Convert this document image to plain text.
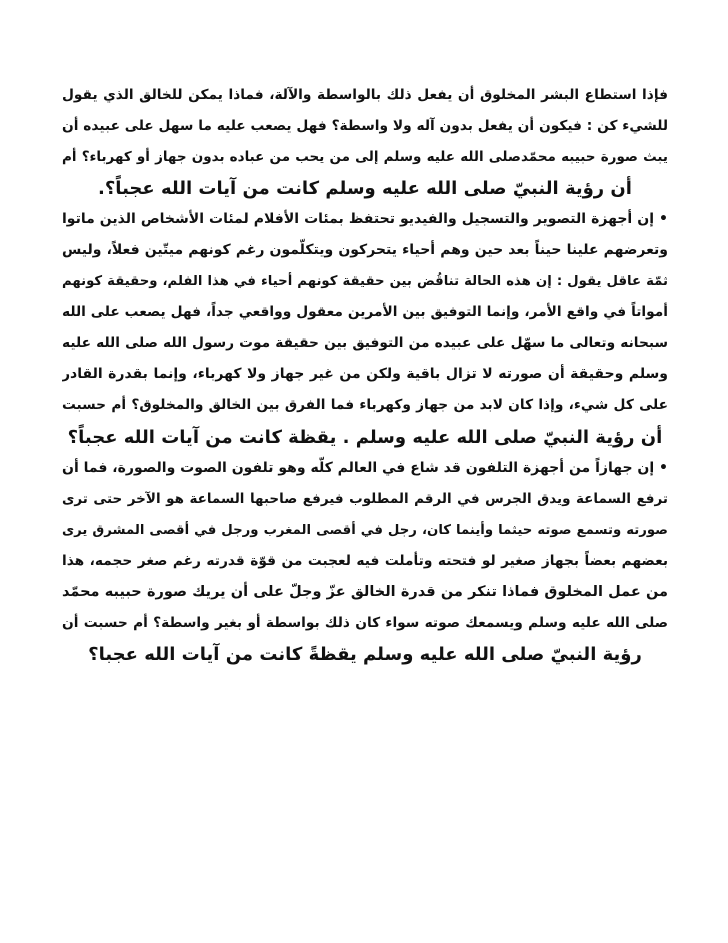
فإذا استطاع البشر المخلوق أن يفعل ذلك بالواسطة والآلة، فماذا يمكن للخالق الذي يقول
للشيء كن : فيكون أن يفعل بدون آله ولا واسطة؟ فهل يصعب عليه ما سهل على عبيده أن
يبث صورة حبيبه محمّدصلى الله عليه وسلم إلى من يحب من عباده بدون جهاز أو كهرباء؟ أم
أن رؤية النبيّ صلى الله عليه وسلم كانت من آيات الله عجباً؟.
• إن أجهزة التصوير والتسجيل والفيديو تحتفظ بمئات الأفلام لمئات الأشخاص الذين ماتوا
وتعرضهم علينا حيناً بعد حين وهم أحياء يتحركون ويتكلّمون رغم كونهم ميتّين فعلاً، وليس
ثمّة عاقل يقول : إن هذه الحالة تناقُض بين حقيقة كونهم أحياء في هذا الفلم، وحقيقة كونهم
أمواتاً في واقع الأمر، وإنما التوفيق بين الأمرين معقول وواقعي جداً، فهل يصعب على الله
سبحانه وتعالى ما سهّل على عبيده من التوفيق بين حقيقة موت رسول الله صلى الله عليه
وسلم وحقيقة أن صورته لا تزال باقية ولكن من غير جهاز ولا كهرباء، وإنما بقدرة القادر
على كل شيء، وإذا كان لابد من جهاز وكهرباء فما الفرق بين الخالق والمخلوق؟ أم حسبت
أن رؤية النبيّ صلى الله عليه وسلم . يقظة كانت من آيات الله عجباً؟
• إن جهازاً من أجهزة التلفون قد شاع في العالم كلّه وهو تلفون الصوت والصورة، فما أن
ترفع السماعة ويدق الجرس في الرقم المطلوب فيرفع صاحبها السماعة هو الآخر حتى ترى
صورته وتسمع صوته حيثما وأينما كان، رجل في أقصى المغرب ورجل في أقصى المشرق يرى
بعضهم بعضاً بجهاز صغير لو فتحته وتأملت فيه لعجبت من قوّة قدرته رغم صغر حجمه، هذا
من عمل المخلوق فماذا تنكر من قدرة الخالق عزّ وجلّ على أن يريك صورة حبيبه محمّد
صلى الله عليه وسلم ويسمعك صوته سواء كان ذلك بواسطة أو بغير واسطة؟ أم حسبت أن
رؤية النبيّ صلى الله عليه وسلم يقظةً كانت من آيات الله عجبا؟
